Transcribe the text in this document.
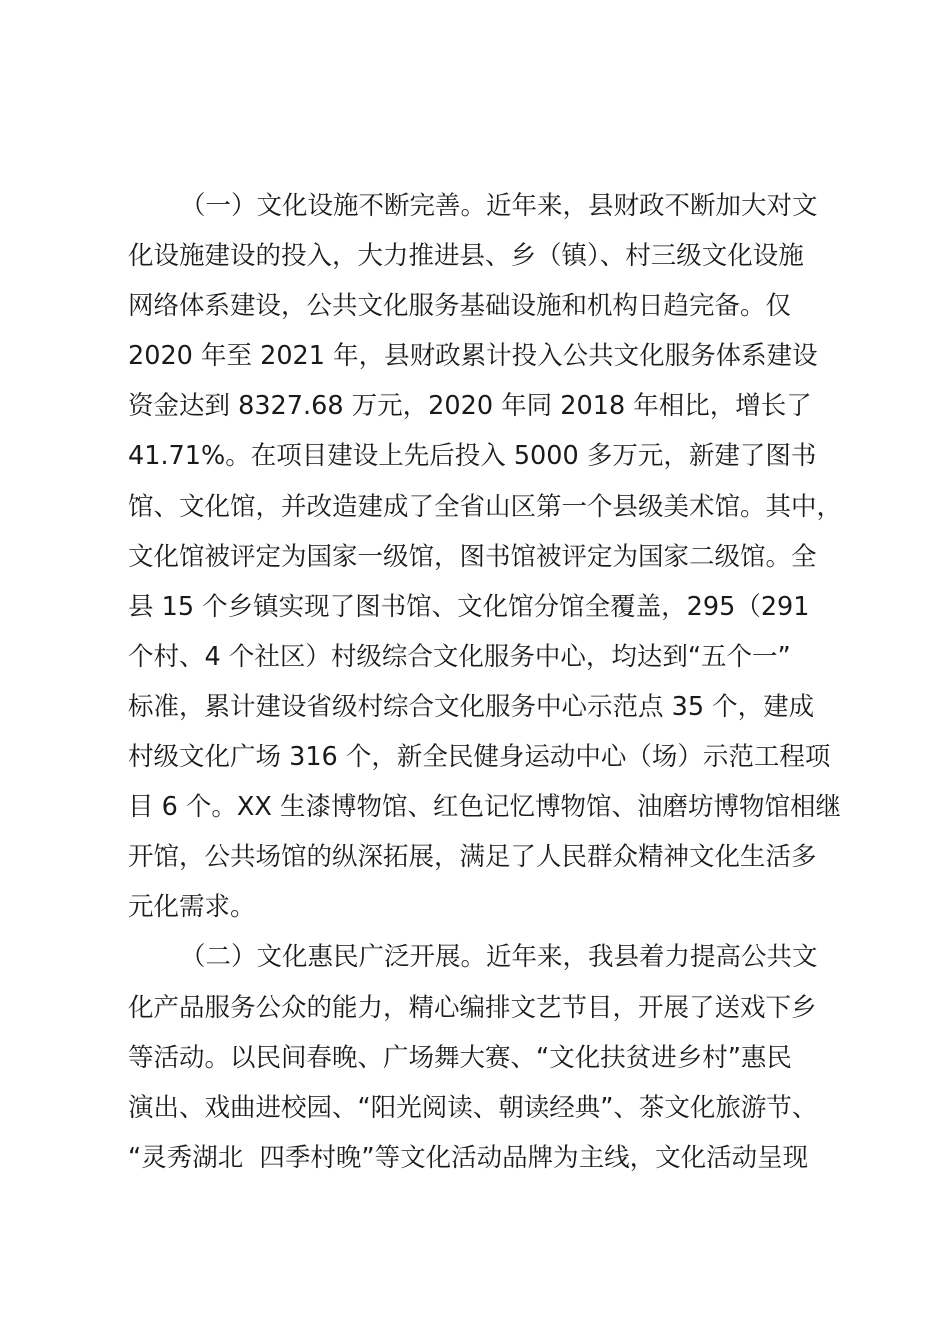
（一）文化设施不断完善。近年来，县财政不断加大对文
化设施建设的投入，大力推进县、乡（镇）、村三级文化设施
网络体系建设，公共文化服务基础设施和机构日趋完备。仅
2020 年至 2021 年，县财政累计投入公共文化服务体系建设
资金达到 8327.68 万元，2020 年同 2018 年相比，增长了
41.71%。在项目建设上先后投入 5000 多万元，新建了图书
馆、文化馆，并改造建成了全省山区第一个县级美术馆。其中，
文化馆被评定为国家一级馆，图书馆被评定为国家二级馆。全
县 15 个乡镇实现了图书馆、文化馆分馆全覆盖，295（291
个村、4 个社区）村级综合文化服务中心，均达到“五个一”
标准，累计建设省级村综合文化服务中心示范点 35 个，建成
村级文化广场 316 个，新全民健身运动中心（场）示范工程项
目 6 个。XX 生漆博物馆、红色记忆博物馆、油磨坊博物馆相继
开馆，公共场馆的纵深拓展，满足了人民群众精神文化生活多
元化需求。
（二）文化惠民广泛开展。近年来，我县着力提高公共文
化产品服务公众的能力，精心编排文艺节目，开展了送戏下乡
等活动。以民间春晚、广场舞大赛、“文化扶贫进乡村”惠民
演出、戏曲进校园、“阳光阅读、朝读经典”、茶文化旅游节、
“灵秀湖北  四季村晚”等文化活动品牌为主线，文化活动呈现
